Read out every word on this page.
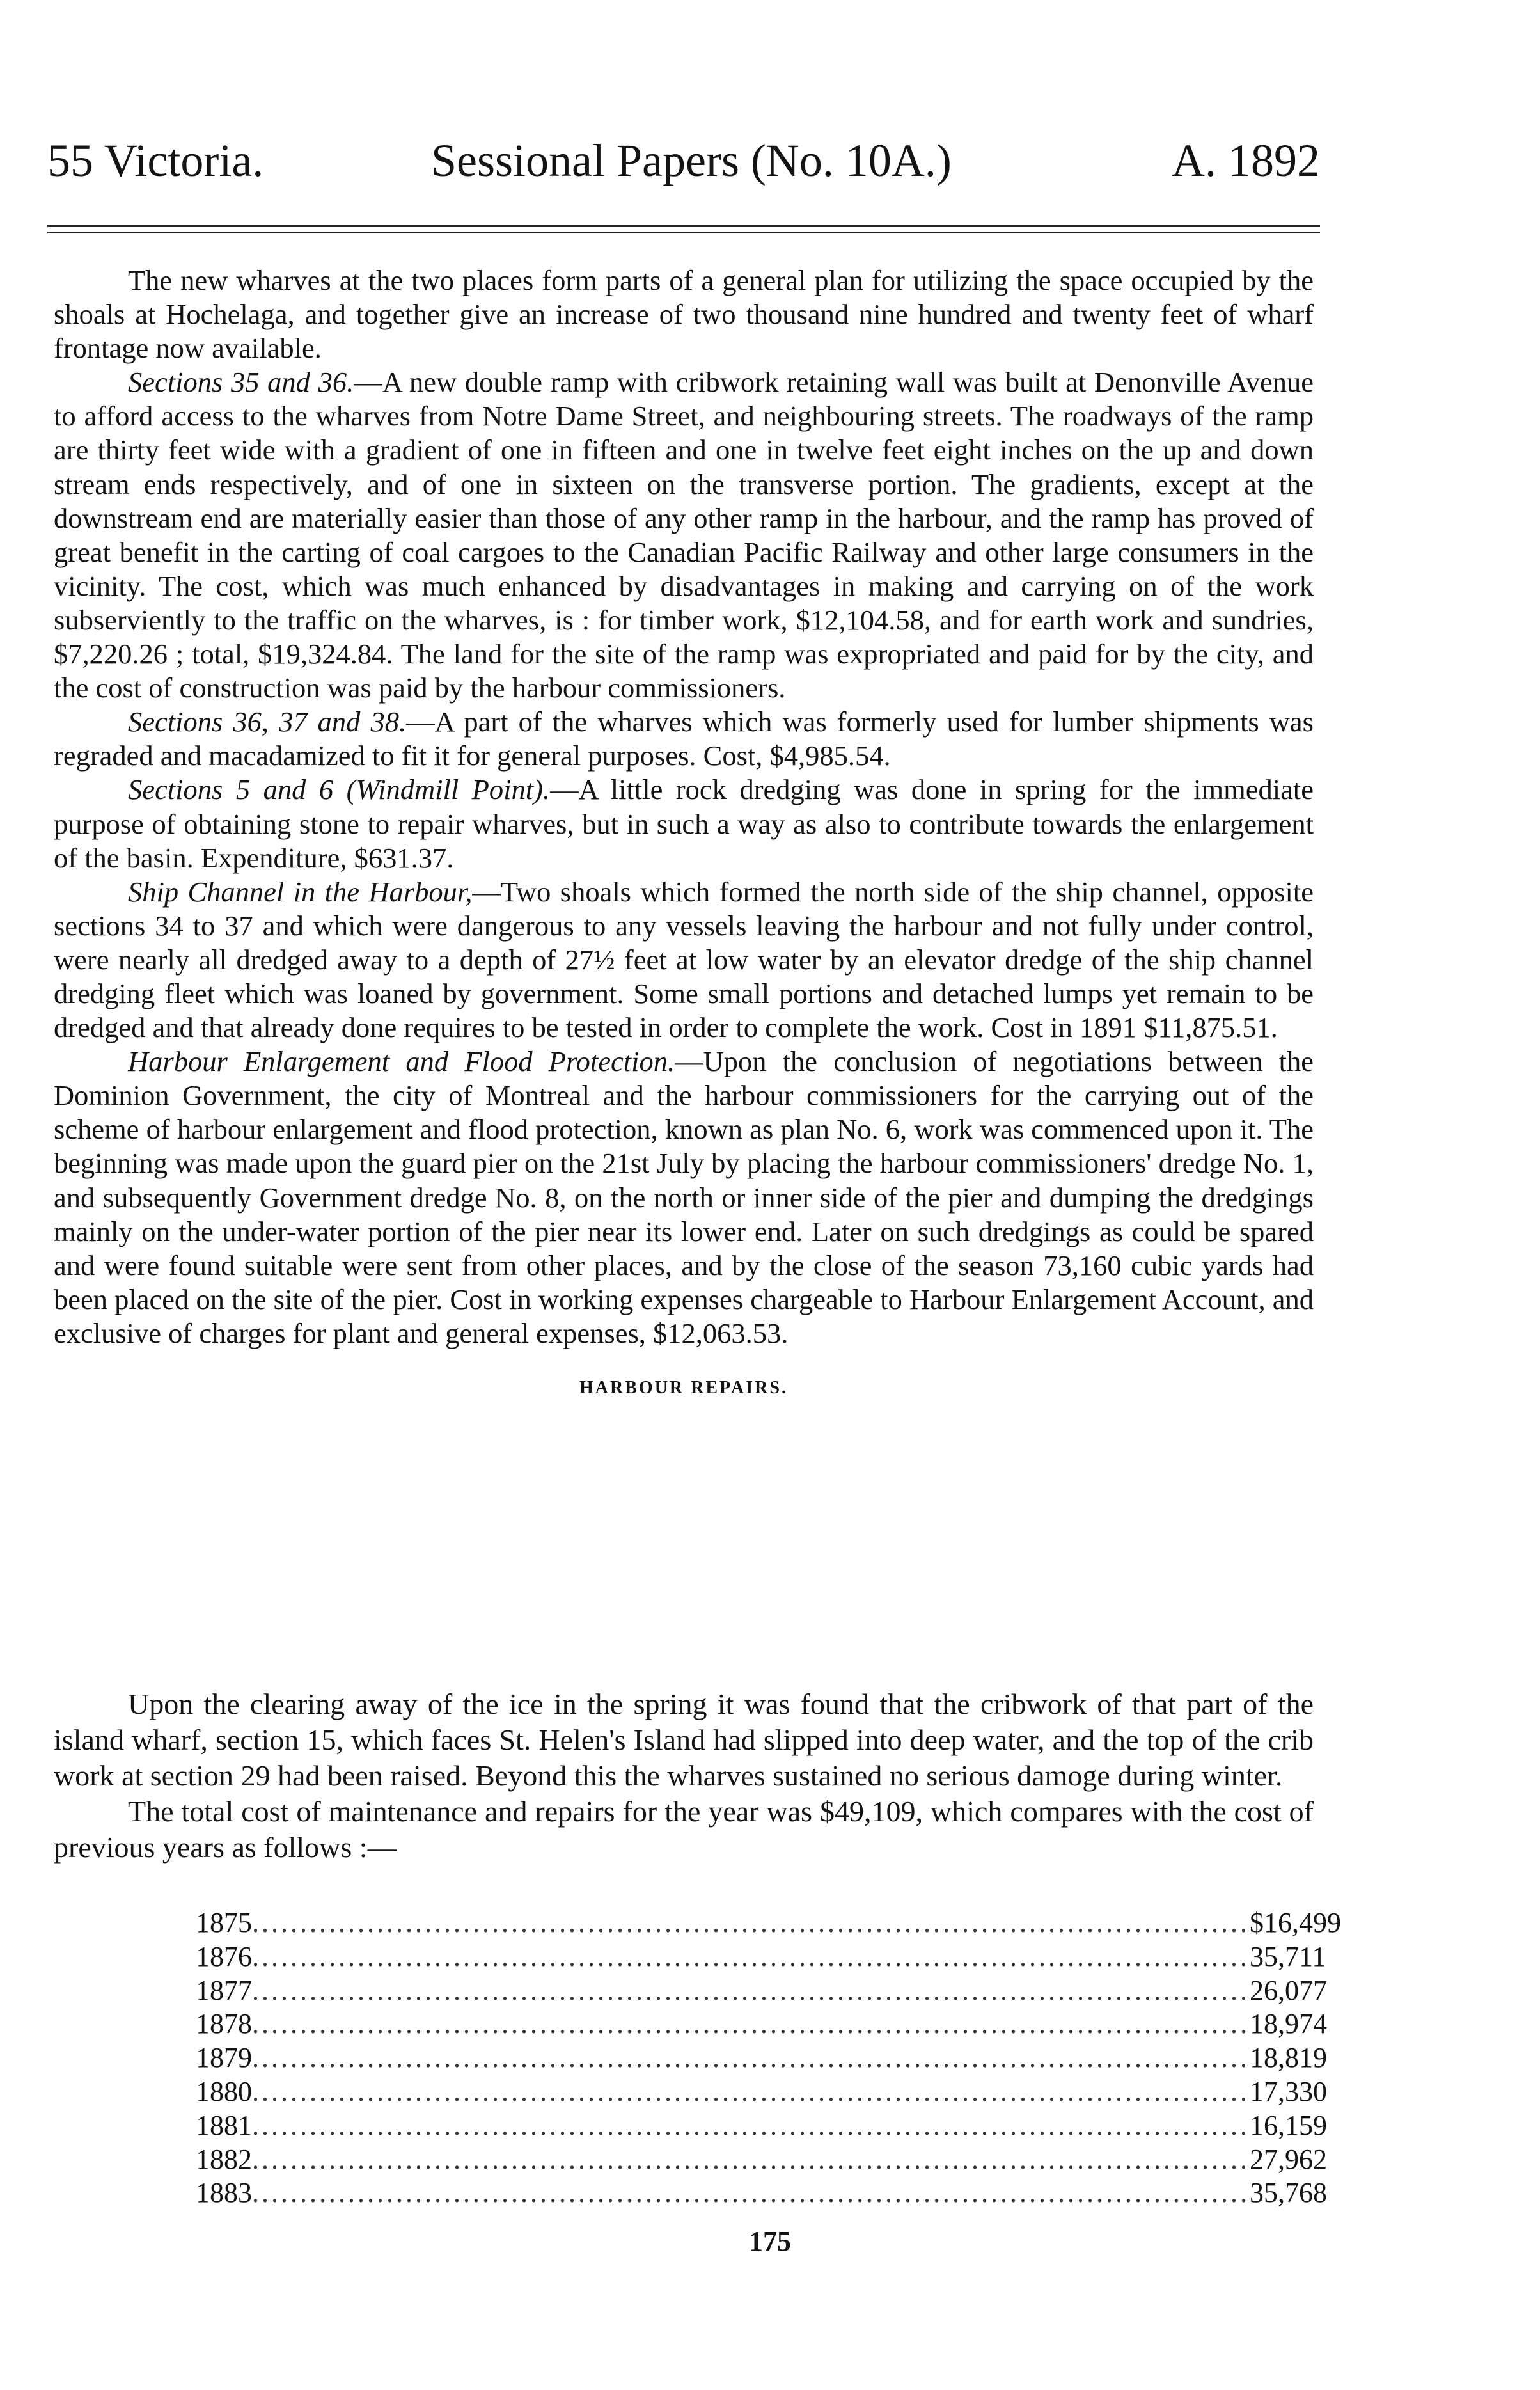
55 Victoria.	Sessional Papers (No. 10A.)	A. 1892

The new wharves at the two places form parts of a general plan for utilizing the space occupied by the shoals at Hochelaga, and together give an increase of two thousand nine hundred and twenty feet of wharf frontage now available.

Sections 35 and 36.—A new double ramp with cribwork retaining wall was built at Denonville Avenue to afford access to the wharves from Notre Dame Street, and neighbouring streets. The roadways of the ramp are thirty feet wide with a gradient of one in fifteen and one in twelve feet eight inches on the up and down stream ends respectively, and of one in sixteen on the transverse portion. The gradients, except at the downstream end are materially easier than those of any other ramp in the harbour, and the ramp has proved of great benefit in the carting of coal cargoes to the Canadian Pacific Railway and other large consumers in the vicinity. The cost, which was much enhanced by disadvantages in making and carrying on of the work subserviently to the traffic on the wharves, is : for timber work, $12,104.58, and for earth work and sundries, $7,220.26 ; total, $19,324.84. The land for the site of the ramp was expropriated and paid for by the city, and the cost of construction was paid by the harbour commissioners.

Sections 36, 37 and 38.—A part of the wharves which was formerly used for lumber shipments was regraded and macadamized to fit it for general purposes. Cost, $4,985.54.

Sections 5 and 6 (Windmill Point).—A little rock dredging was done in spring for the immediate purpose of obtaining stone to repair wharves, but in such a way as also to contribute towards the enlargement of the basin. Expenditure, $631.37.

Ship Channel in the Harbour,—Two shoals which formed the north side of the ship channel, opposite sections 34 to 37 and which were dangerous to any vessels leaving the harbour and not fully under control, were nearly all dredged away to a depth of 27½ feet at low water by an elevator dredge of the ship channel dredging fleet which was loaned by government. Some small portions and detached lumps yet remain to be dredged and that already done requires to be tested in order to complete the work. Cost in 1891 $11,875.51.

Harbour Enlargement and Flood Protection.—Upon the conclusion of negotiations between the Dominion Government, the city of Montreal and the harbour commissioners for the carrying out of the scheme of harbour enlargement and flood protection, known as plan No. 6, work was commenced upon it. The beginning was made upon the guard pier on the 21st July by placing the harbour commissioners' dredge No. 1, and subsequently Government dredge No. 8, on the north or inner side of the pier and dumping the dredgings mainly on the under-water portion of the pier near its lower end. Later on such dredgings as could be spared and were found suitable were sent from other places, and by the close of the season 73,160 cubic yards had been placed on the site of the pier. Cost in working expenses chargeable to Harbour Enlargement Account, and exclusive of charges for plant and general expenses, $12,063.53.

HARBOUR REPAIRS.

Upon the clearing away of the ice in the spring it was found that the cribwork of that part of the island wharf, section 15, which faces St. Helen's Island had slipped into deep water, and the top of the crib work at section 29 had been raised. Beyond this the wharves sustained no serious damoge during winter.

The total cost of maintenance and repairs for the year was $49,109, which compares with the cost of previous years as follows :—

1875 ........................................................................................................ $16,499
1876 ........................................................................................................ 35,711
1877 ........................................................................................................ 26,077
1878 ........................................................................................................ 18,974
1879 ........................................................................................................ 18,819
1880 ........................................................................................................ 17,330
1881 ........................................................................................................ 16,159
1882 ........................................................................................................ 27,962
1883 ........................................................................................................ 35,768
175
